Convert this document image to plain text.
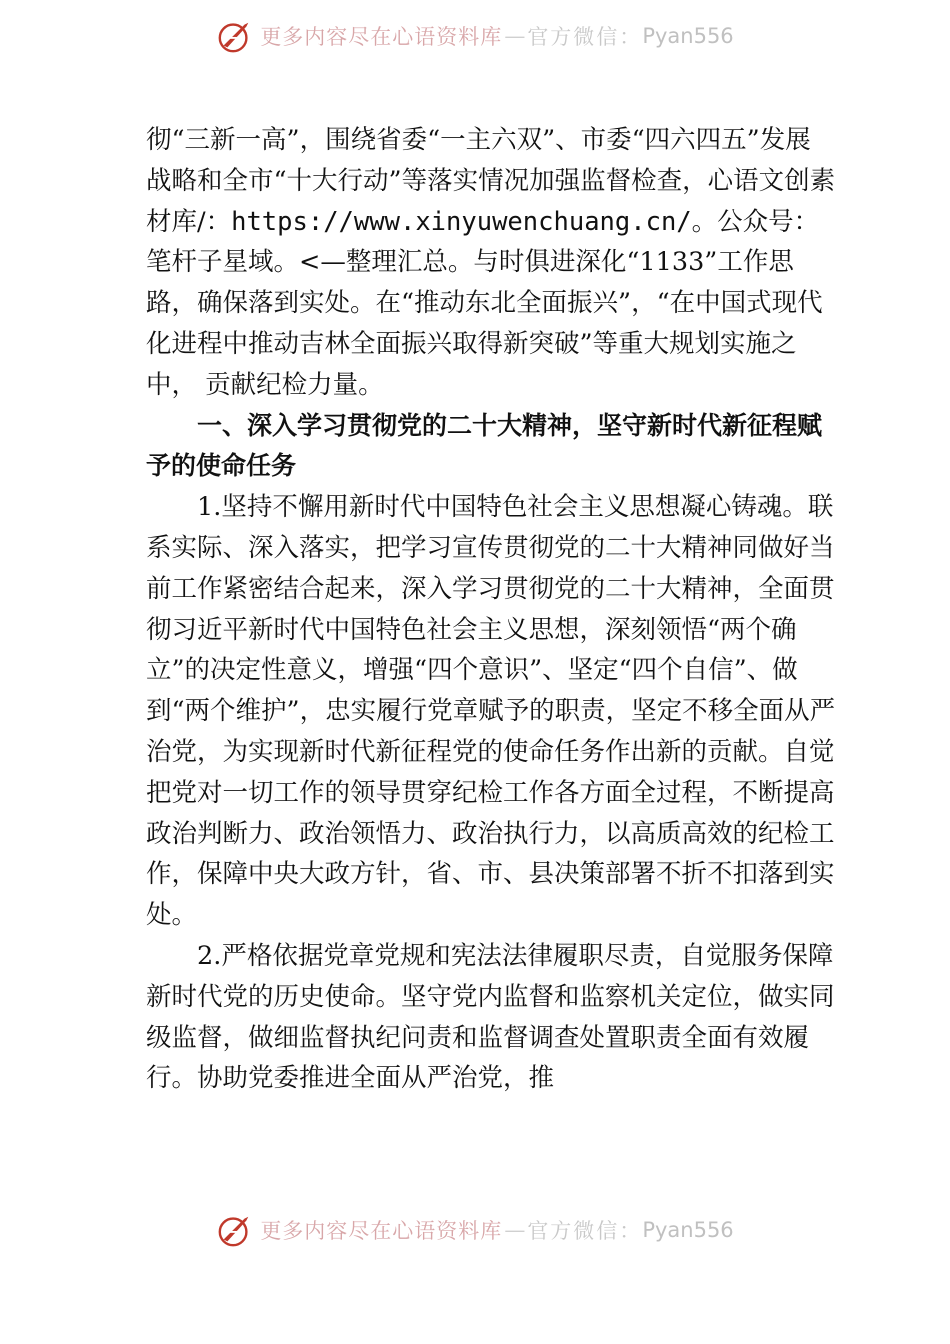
更多内容尽在心语资料库 — 官方微信： Pyan556

彻“三新一高”，围绕省委“一主六双”、市委“四六四五”发展战略和全市“十大行动”等落实情况加强监督检查，心语文创素材库/：https://www.xinyuwenchuang.cn/。公众号：笔杆子星域。<—整理汇总。与时俱进深化“1133”工作思路，确保落到实处。在“推动东北全面振兴”，“在中国式现代化进程中推动吉林全面振兴取得新突破”等重大规划实施之中， 贡献纪检力量。

一、深入学习贯彻党的二十大精神，坚守新时代新征程赋予的使命任务

1.坚持不懈用新时代中国特色社会主义思想凝心铸魂。联系实际、深入落实，把学习宣传贯彻党的二十大精神同做好当前工作紧密结合起来，深入学习贯彻党的二十大精神，全面贯彻习近平新时代中国特色社会主义思想，深刻领悟“两个确立”的决定性意义，增强“四个意识”、坚定“四个自信”、做到“两个维护”，忠实履行党章赋予的职责，坚定不移全面从严治党，为实现新时代新征程党的使命任务作出新的贡献。自觉把党对一切工作的领导贯穿纪检工作各方面全过程，不断提高政治判断力、政治领悟力、政治执行力，以高质高效的纪检工作，保障中央大政方针，省、市、县决策部署不折不扣落到实处。

2.严格依据党章党规和宪法法律履职尽责，自觉服务保障新时代党的历史使命。坚守党内监督和监察机关定位，做实同级监督，做细监督执纪问责和监督调查处置职责全面有效履行。协助党委推进全面从严治党，推

更多内容尽在心语资料库 — 官方微信： Pyan556
